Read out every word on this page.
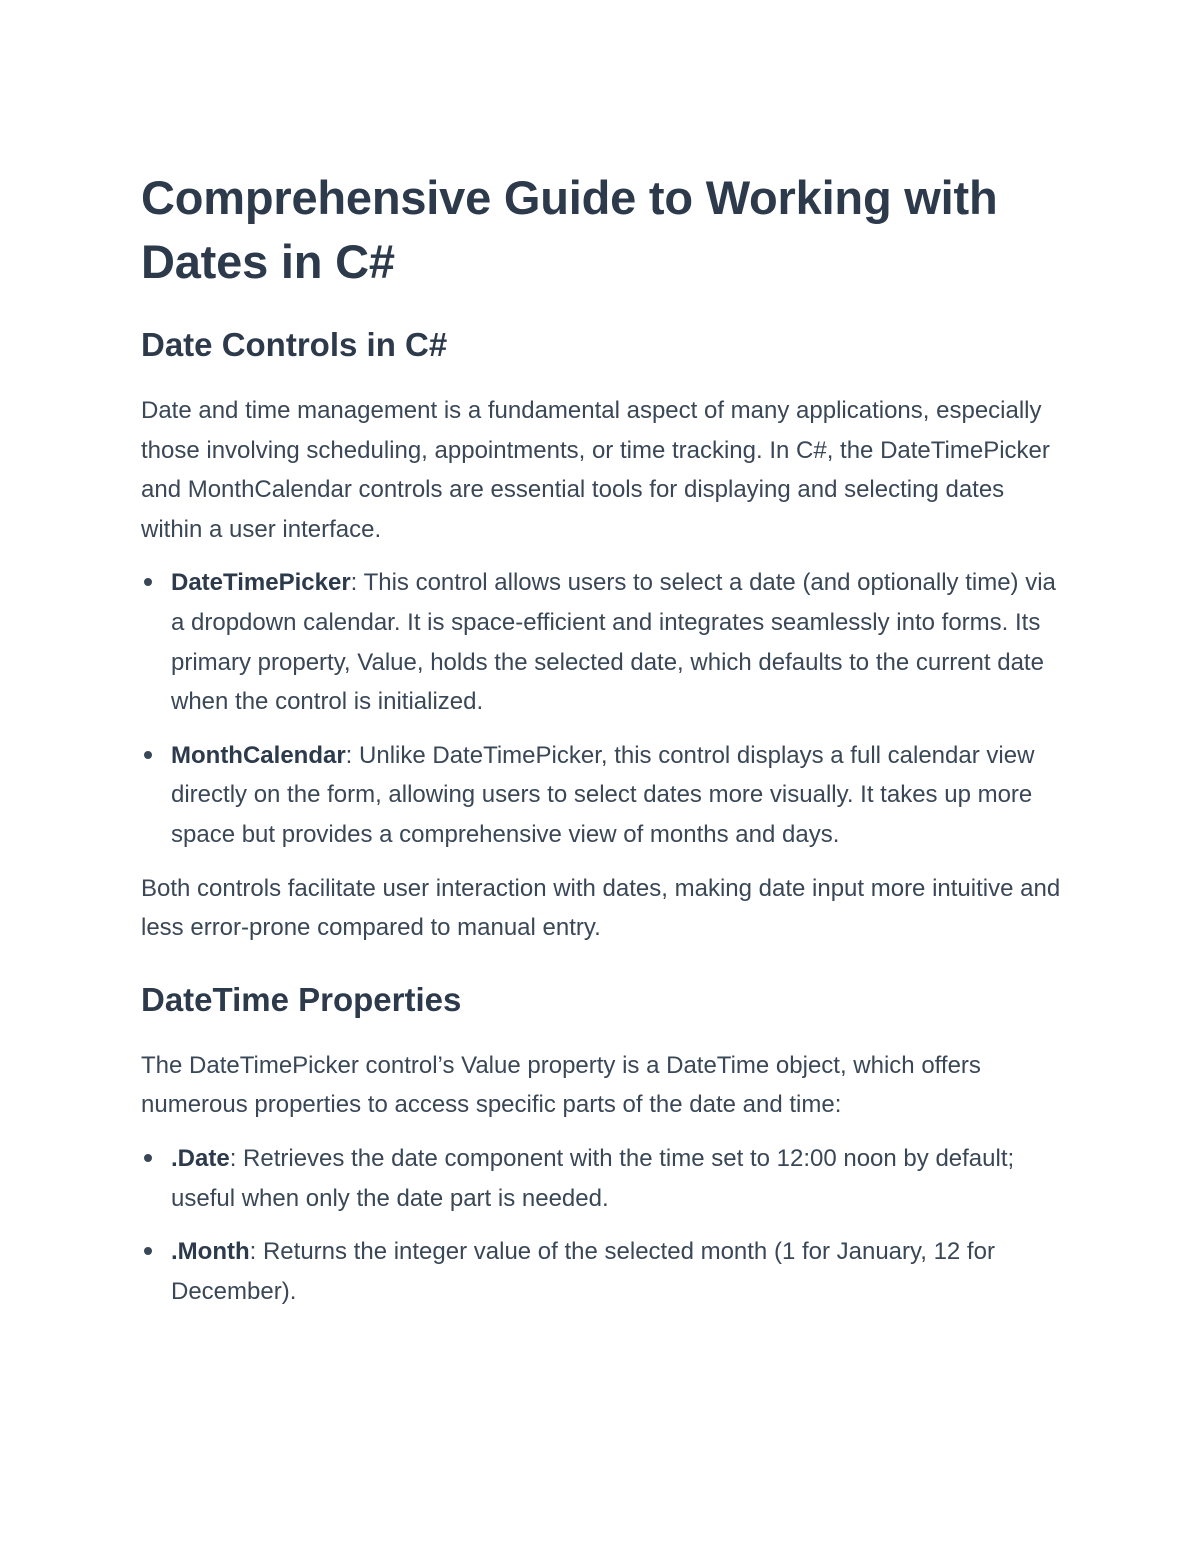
Comprehensive Guide to Working with Dates in C#
Date Controls in C#

Date and time management is a fundamental aspect of many applications, especially those involving scheduling, appointments, or time tracking. In C#, the DateTimePicker and MonthCalendar controls are essential tools for displaying and selecting dates within a user interface.

DateTimePicker: This control allows users to select a date (and optionally time) via a dropdown calendar. It is space-efficient and integrates seamlessly into forms. Its primary property, Value, holds the selected date, which defaults to the current date when the control is initialized.
MonthCalendar: Unlike DateTimePicker, this control displays a full calendar view directly on the form, allowing users to select dates more visually. It takes up more space but provides a comprehensive view of months and days.

Both controls facilitate user interaction with dates, making date input more intuitive and less error-prone compared to manual entry.

DateTime Properties

The DateTimePicker control’s Value property is a DateTime object, which offers numerous properties to access specific parts of the date and time:

.Date: Retrieves the date component with the time set to 12:00 noon by default; useful when only the date part is needed.
.Month: Returns the integer value of the selected month (1 for January, 12 for December).
